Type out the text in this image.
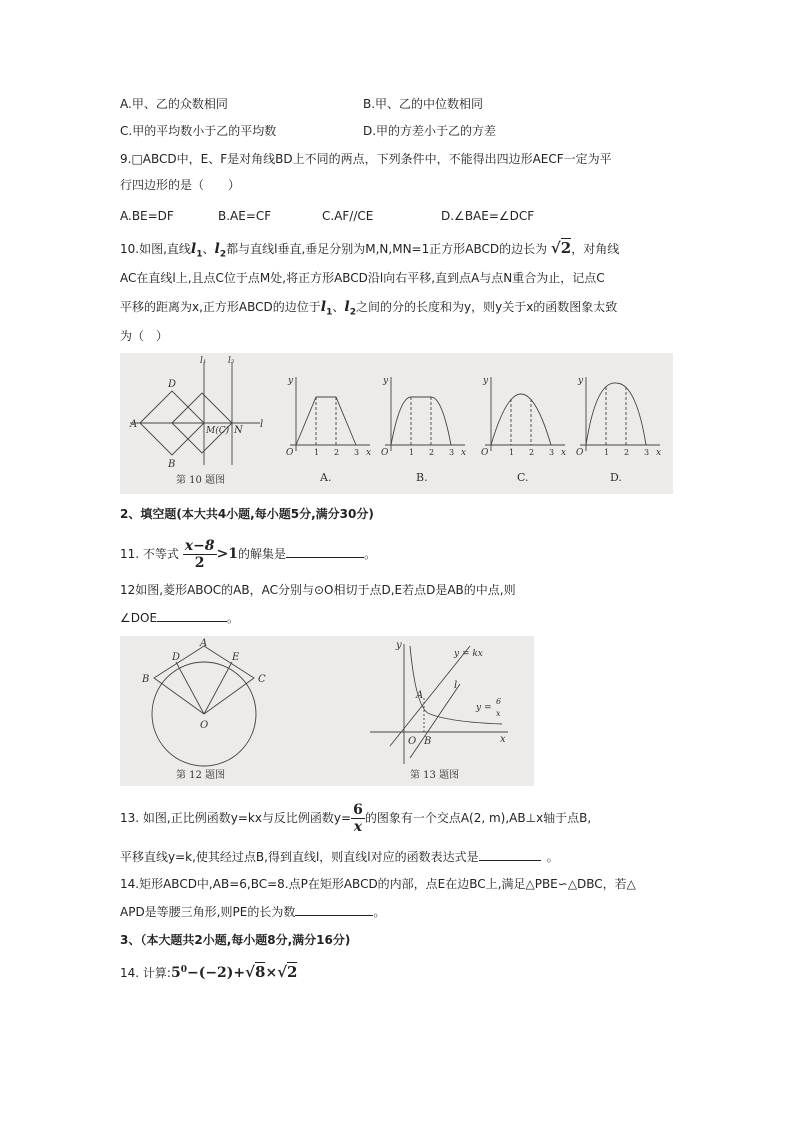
A.甲、乙的众数相同	B.甲、乙的中位数相同
C.甲的平均数小于乙的平均数	D.甲的方差小于乙的方差
9.□ABCD中，E、F是对角线BD上不同的两点，下列条件中，不能得出四边形AECF一定为平
行四边形的是（　　）
A.BE=DF	B.AE=CF	C.AF//CE	D.∠BAE=∠DCF
10.如图,直线$l_1$、$l_2$都与直线l垂直,垂足分别为M,N,MN=1正方形ABCD的边长为 √2，对角线
AC在直线l上,且点C位于点M处,将正方形ABCD沿l向右平移,直到点A与点N重合为止，记点C
平移的距离为x,正方形ABCD的边位于$l_1$、$l_2$之间的分的长度和为y，则y关于x的函数图象太致
为（　）
D
A
B
M(C) N
l
l₁ l₂
y
O	x
y
O	x
y
O	x
y
O	x
1 2 3	1 2 3	1 2 3	1 2 3
第 10 题图	A.	B.	C.	D.
2、填空题(本大共4小题,每小题5分,满分30分)
11. 不等式 $\frac{x-8}{2} >1$的解集是	。
12如图,菱形ABOC的AB，AC分别与⊙O相切于点D,E若点D是AB的中点,则
∠DOE	。
A
D	E
B	C
O
y
y = kx
A
l
y =
6
x
O B	x
第 12 题图	第 13 题图
13. 如图,正比例函数y=kx与反比例函数$y= \frac{6}{x}$ 的图象有一个交点A(2, m),AB⊥x轴于点B,
平移直线y=k,使其经过点B,得到直线l，则直线l对应的函数表达式是	。
14.矩形ABCD中,AB=6,BC=8.点P在矩形ABCD的内部，点E在边BC上,满足△PBE∽△DBC，若△
APD是等腰三角形,则PE的长为数	。
3、（本大题共2小题,每小题8分,满分16分)
14. 计算$:5^0-(-2)+√8\times√2$
